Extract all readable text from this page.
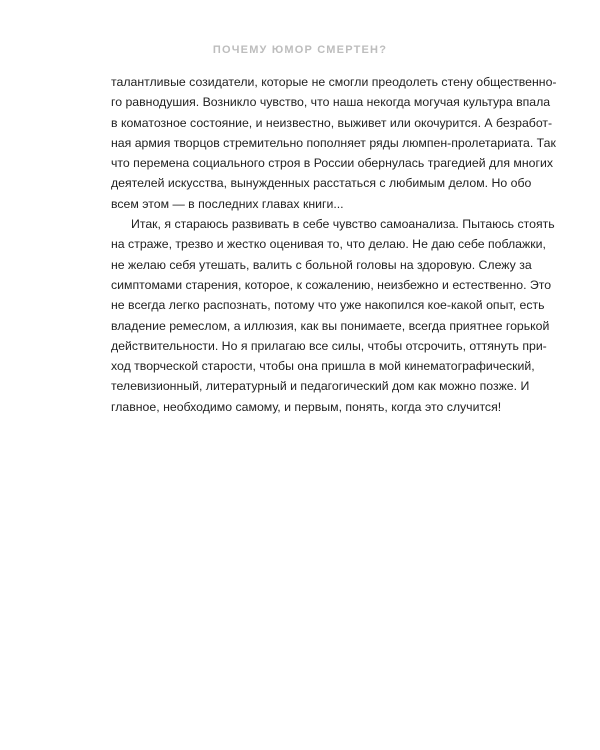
ПОЧЕМУ ЮМОР СМЕРТЕН?
талантливые созидатели, которые не смогли преодолеть стену общественно-
го равнодушия. Возникло чувство, что наша некогда могучая культура впала
в коматозное состояние, и неизвестно, выживет или окочурится. А безработ-
ная армия творцов стремительно пополняет ряды люмпен-пролетариата. Так
что перемена социального строя в России обернулась трагедией для многих
деятелей искусства, вынужденных расстаться с любимым делом. Но обо
всем этом — в последних главах книги...
Итак, я стараюсь развивать в себе чувство самоанализа. Пытаюсь стоять
на страже, трезво и жестко оценивая то, что делаю. Не даю себе поблажки,
не желаю себя утешать, валить с больной головы на здоровую. Слежу за
симптомами старения, которое, к сожалению, неизбежно и естественно. Это
не всегда легко распознать, потому что уже накопился кое-какой опыт, есть
владение ремеслом, а иллюзия, как вы понимаете, всегда приятнее горькой
действительности. Но я прилагаю все силы, чтобы отсрочить, оттянуть при-
ход творческой старости, чтобы она пришла в мой кинематографический,
телевизионный, литературный и педагогический дом как можно позже. И
главное, необходимо самому, и первым, понять, когда это случится!
